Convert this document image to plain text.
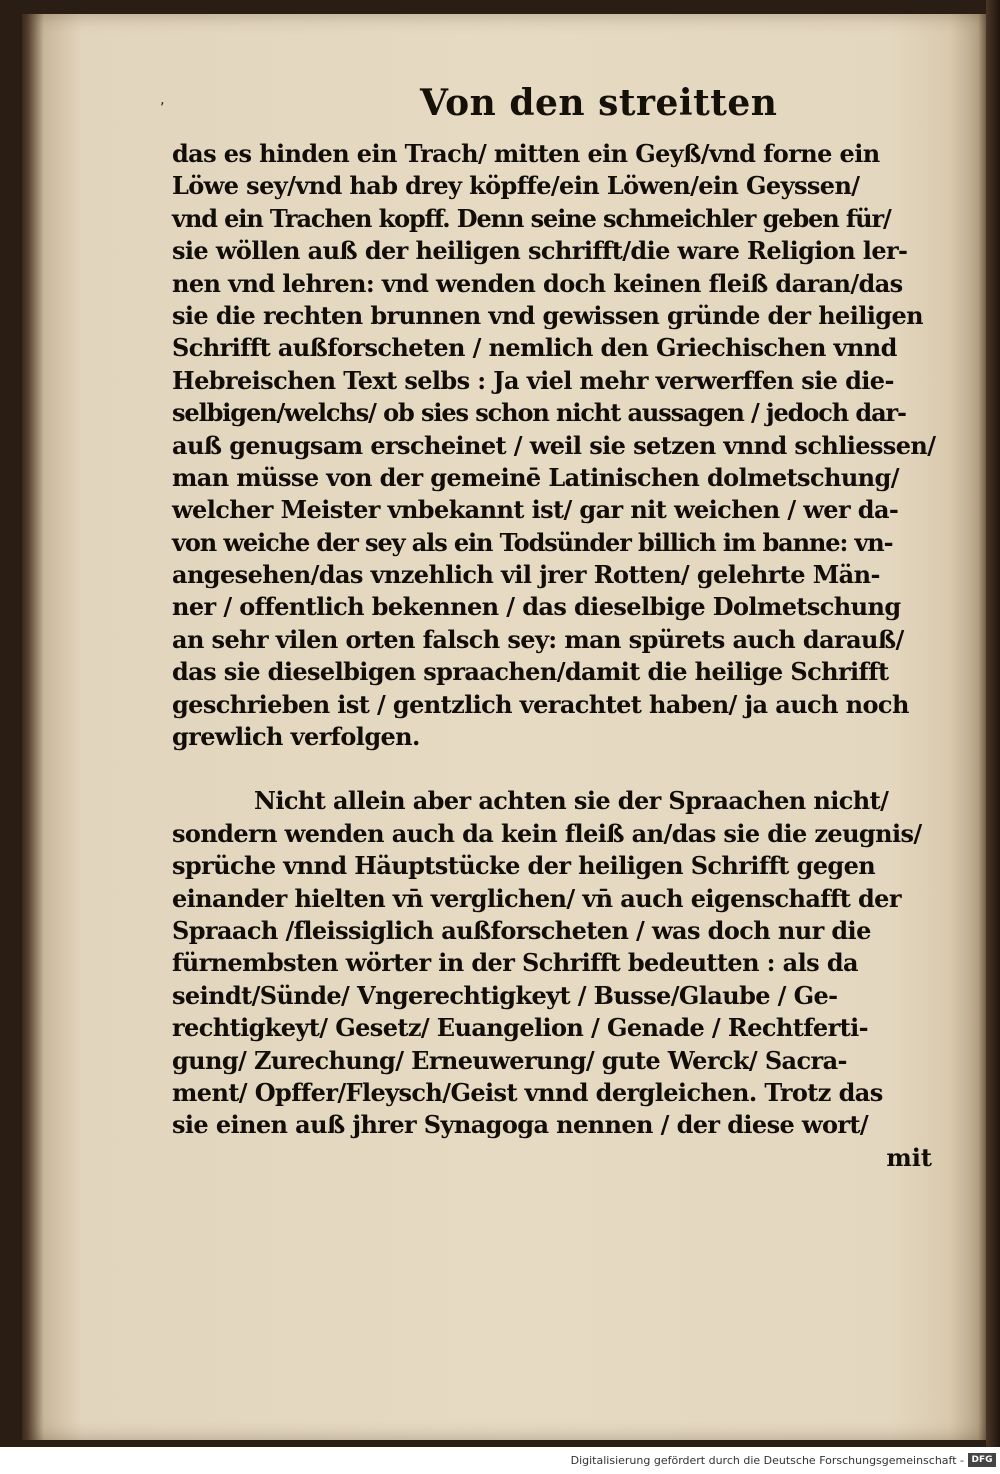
‚	Von den streitten
das es hinden ein Trach/ mitten ein Geyß/vnd forne ein
Löwe sey/vnd hab drey köpffe/ein Löwen/ein Geyssen/
vnd ein Trachen kopff. Denn seine schmeichler geben für/
sie wöllen auß der heiligen schrifft/die ware Religion ler-
nen vnd lehren: vnd wenden doch keinen fleiß daran/das
sie die rechten brunnen vnd gewissen gründe der heiligen
Schrifft außforscheten / nemlich den Griechischen vnnd
Hebreischen Text selbs : Ja viel mehr verwerffen sie die-
selbigen/welchs/ ob sies schon nicht aussagen / jedoch dar-
auß genugsam erscheinet / weil sie setzen vnnd schliessen/
man müsse von der gemeinē Latinischen dolmetschung/
welcher Meister vnbekannt ist/ gar nit weichen / wer da-
von weiche der sey als ein Todsünder billich im banne: vn-
angesehen/das vnzehlich vil jrer Rotten/ gelehrte Män-
ner / offentlich bekennen / das dieselbige Dolmetschung
an sehr vilen orten falsch sey: man spürets auch darauß/
das sie dieselbigen spraachen/damit die heilige Schrifft
geschrieben ist / gentzlich verachtet haben/ ja auch noch
grewlich verfolgen.
Nicht allein aber achten sie der Spraachen nicht/
sondern wenden auch da kein fleiß an/das sie die zeugnis/
sprüche vnnd Häuptstücke der heiligen Schrifft gegen
einander hielten vn̄ verglichen/ vn̄ auch eigenschafft der
Spraach /fleissiglich außforscheten / was doch nur die
fürnembsten wörter in der Schrifft bedeutten : als da
seindt/Sünde/ Vngerechtigkeyt / Busse/Glaube / Ge-
rechtigkeyt/ Gesetz/ Euangelion / Genade / Rechtferti-
gung/ Zurechung/ Erneuwerung/ gute Werck/ Sacra-
ment/ Opffer/Fleysch/Geist vnnd dergleichen. Trotz das
sie einen auß jhrer Synagoga nennen / der diese wort/
mit
Digitalisierung gefördert durch die Deutsche Forschungsgemeinschaft - DFG
